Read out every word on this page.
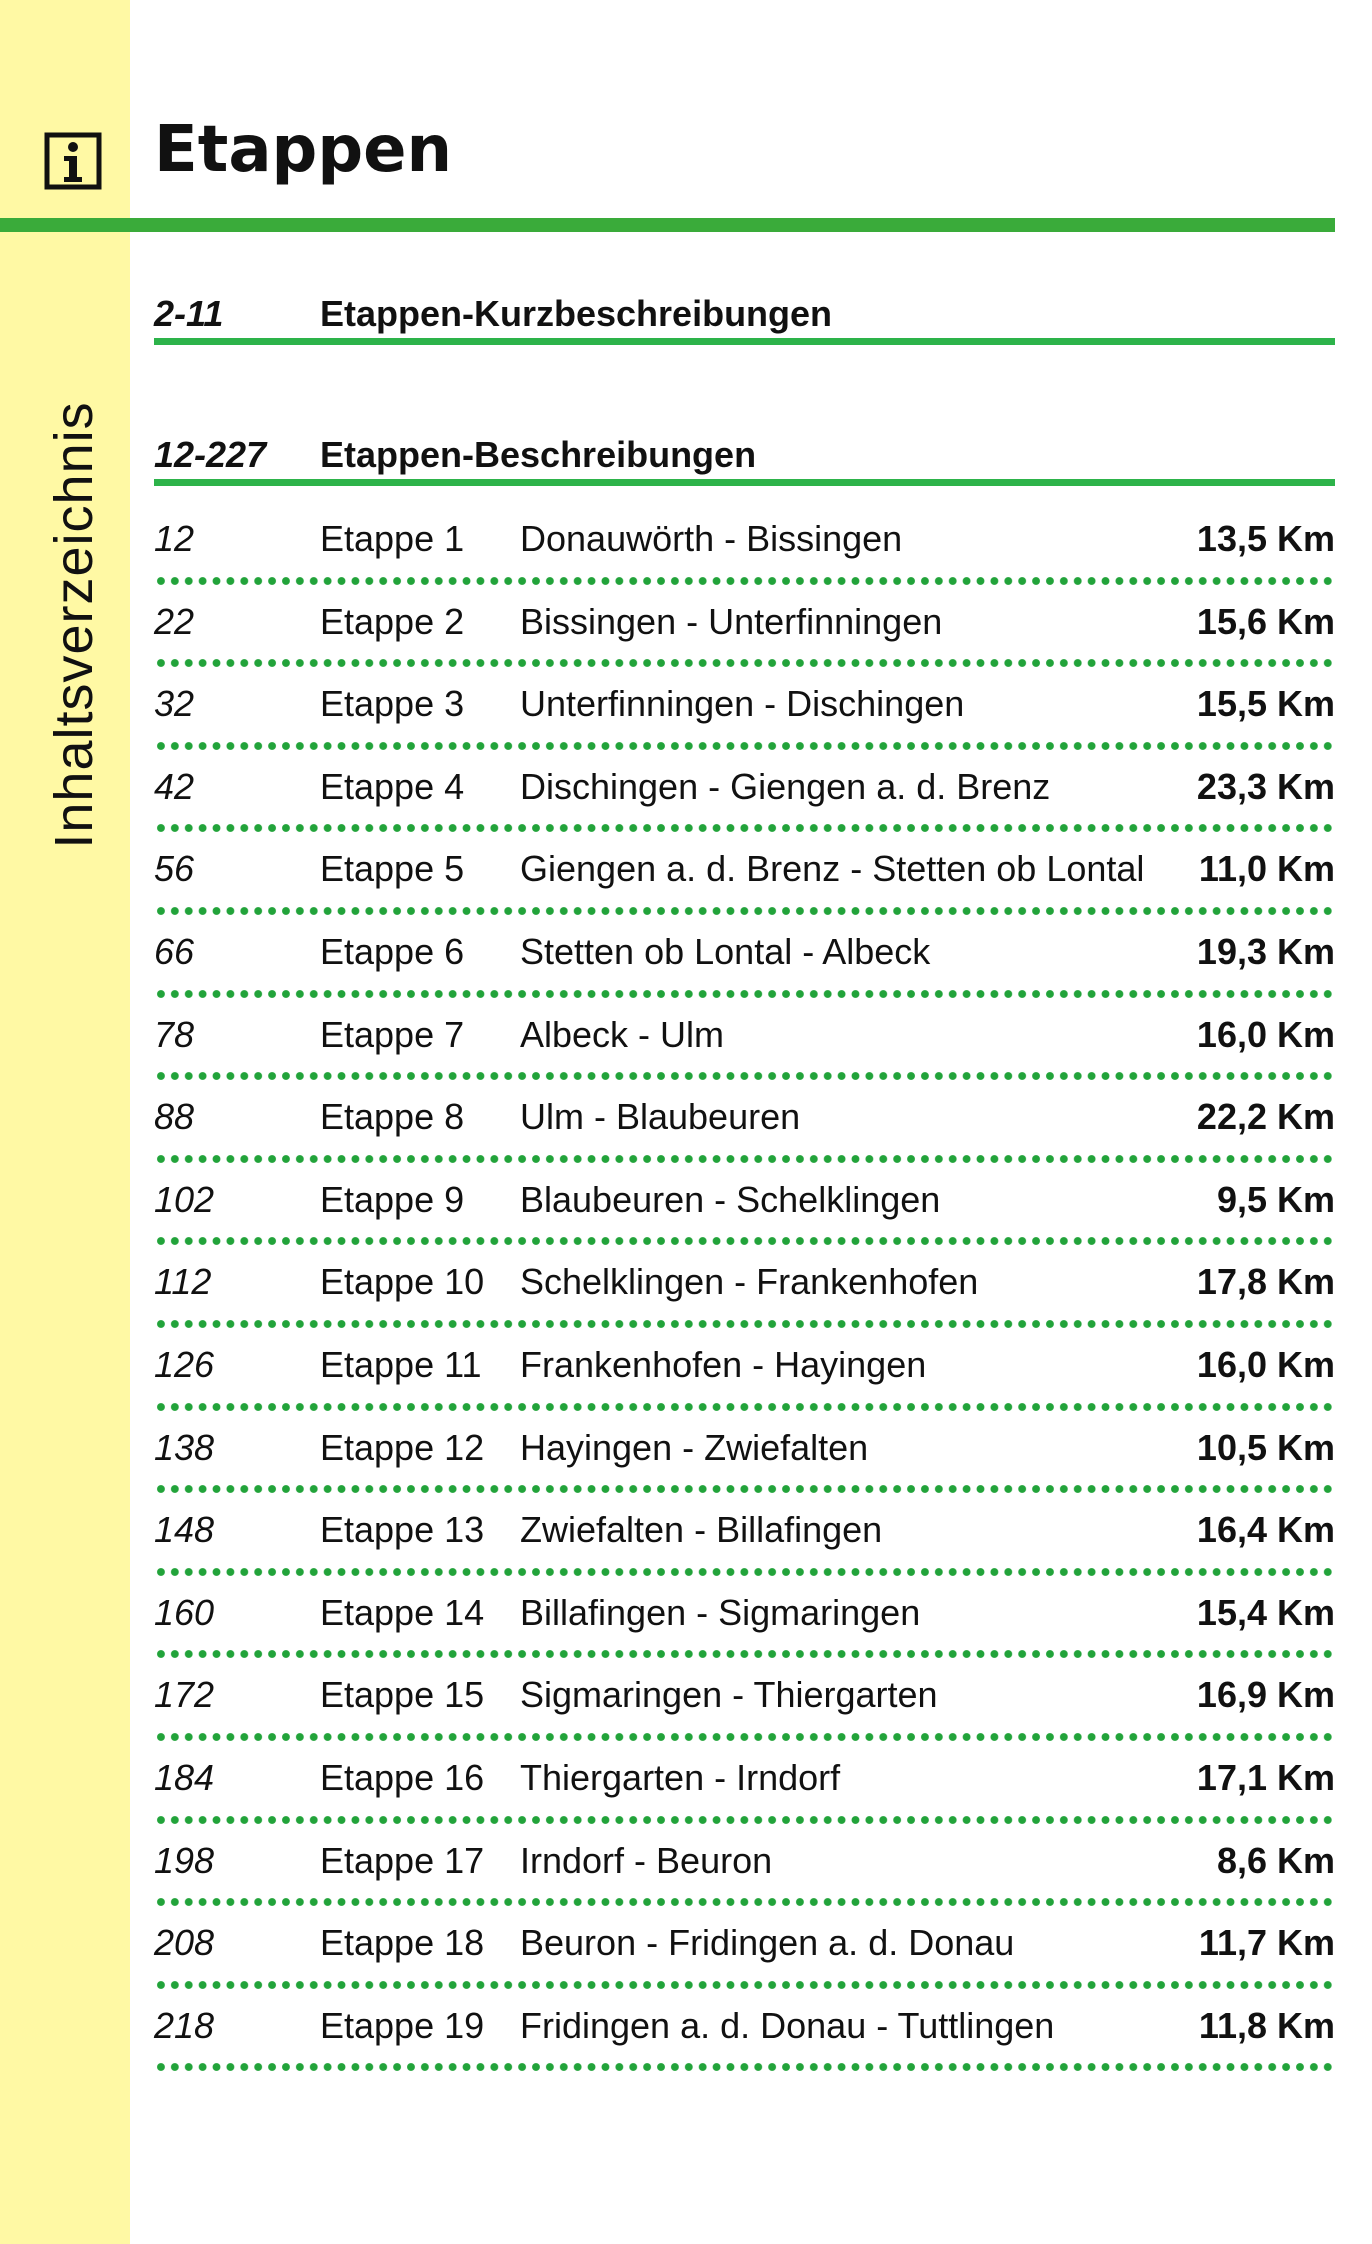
Inhaltsverzeichnis
Etappen
2-11	Etappen-Kurzbeschreibungen
12-227 Etappen-Beschreibungen
12	Etappe 1 Donauwörth - Bissingen	13,5 Km
22	Etappe 2 Bissingen - Unterfinningen	15,6 Km
32	Etappe 3 Unterfinningen - Dischingen	15,5 Km
42	Etappe 4 Dischingen - Giengen a. d. Brenz	23,3 Km
56	Etappe 5 Giengen a. d. Brenz - Stetten ob Lontal 11,0 Km
66	Etappe 6 Stetten ob Lontal - Albeck	19,3 Km
78	Etappe 7 Albeck - Ulm	16,0 Km
88	Etappe 8 Ulm - Blaubeuren	22,2 Km
102	Etappe 9 Blaubeuren - Schelklingen	9,5 Km
112	Etappe 10 Schelklingen - Frankenhofen	17,8 Km
126	Etappe 11 Frankenhofen - Hayingen	16,0 Km
138	Etappe 12 Hayingen - Zwiefalten	10,5 Km
148	Etappe 13 Zwiefalten - Billafingen	16,4 Km
160	Etappe 14 Billafingen - Sigmaringen	15,4 Km
172	Etappe 15 Sigmaringen - Thiergarten	16,9 Km
184	Etappe 16 Thiergarten - Irndorf	17,1 Km
198	Etappe 17 Irndorf - Beuron	8,6 Km
208	Etappe 18 Beuron - Fridingen a. d. Donau	11,7 Km
218	Etappe 19 Fridingen a. d. Donau - Tuttlingen	11,8 Km
